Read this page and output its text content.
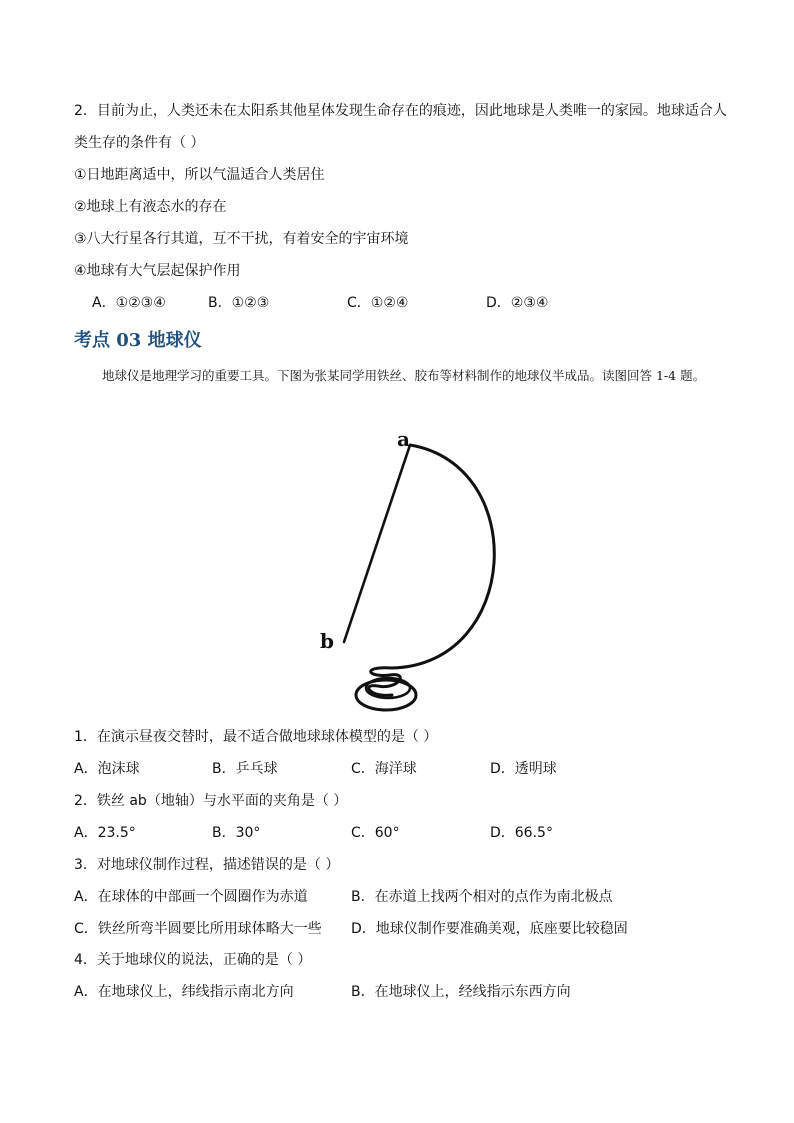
2．目前为止，人类还未在太阳系其他星体发现生命存在的痕迹，因此地球是人类唯一的家园。地球适合人
类生存的条件有（ ）
①日地距离适中，所以气温适合人类居住
②地球上有液态水的存在
③八大行星各行其道，互不干扰，有着安全的宇宙环境
④地球有大气层起保护作用
A．①②③④	B．①②③	C．①②④	D．②③④
考点 03 地球仪
地球仪是地理学习的重要工具。下图为张某同学用铁丝、胶布等材料制作的地球仪半成品。读图回答 1-4 题。
a
b
1．在演示昼夜交替时，最不适合做地球球体模型的是（ ）
A．泡沫球	B．乒乓球	C．海洋球	D．透明球
2．铁丝 ab（地轴）与水平面的夹角是（ ）
A．23.5°	B．30°	C．60°	D．66.5°
3．对地球仪制作过程，描述错误的是（ ）
A．在球体的中部画一个圆圈作为赤道	B．在赤道上找两个相对的点作为南北极点
C．铁丝所弯半圆要比所用球体略大一些 D．地球仪制作要准确美观，底座要比较稳固
4．关于地球仪的说法，正确的是（ ）
A．在地球仪上，纬线指示南北方向	B．在地球仪上，经线指示东西方向
